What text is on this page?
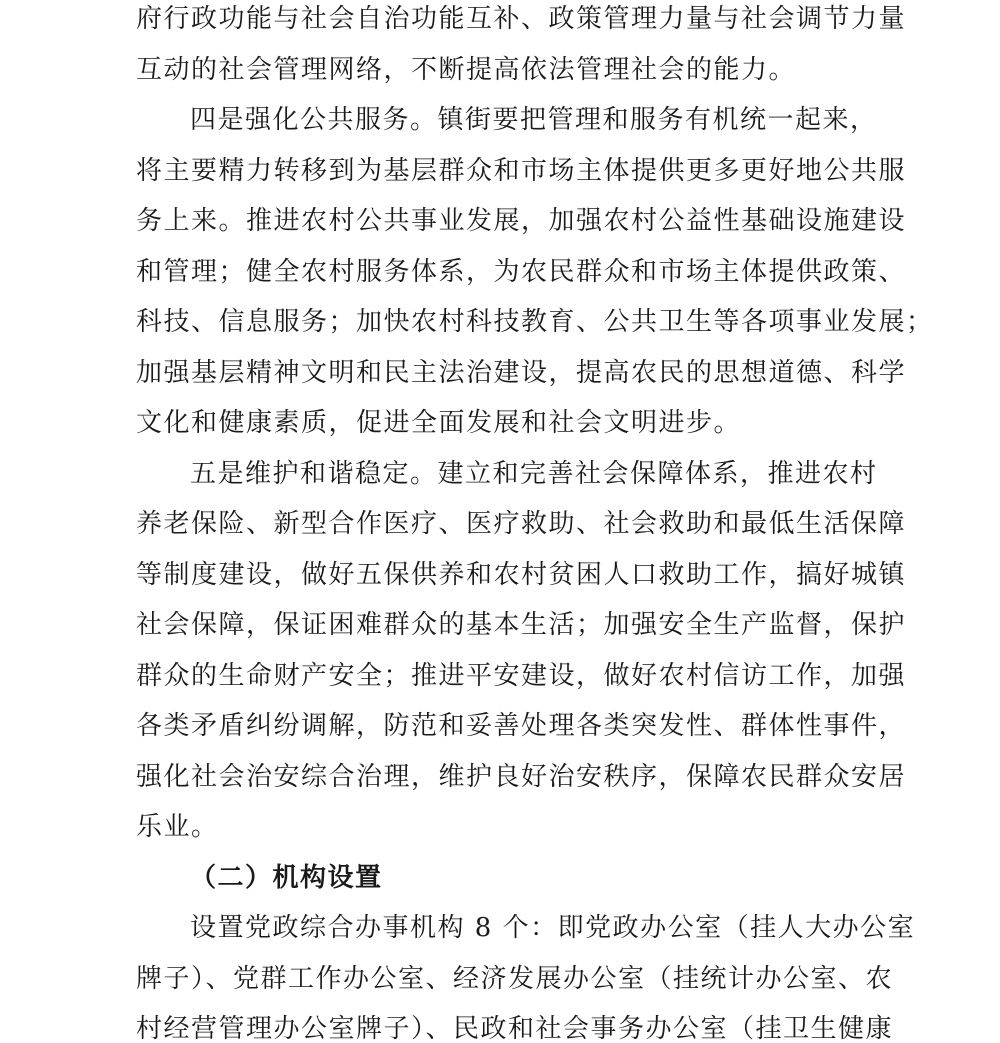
府行政功能与社会自治功能互补、政策管理力量与社会调节力量
互动的社会管理网络，不断提高依法管理社会的能力。
四是强化公共服务。镇街要把管理和服务有机统一起来，
将主要精力转移到为基层群众和市场主体提供更多更好地公共服
务上来。推进农村公共事业发展，加强农村公益性基础设施建设
和管理；健全农村服务体系，为农民群众和市场主体提供政策、
科技、信息服务；加快农村科技教育、公共卫生等各项事业发展；
加强基层精神文明和民主法治建设，提高农民的思想道德、科学
文化和健康素质，促进全面发展和社会文明进步。
五是维护和谐稳定。建立和完善社会保障体系，推进农村
养老保险、新型合作医疗、医疗救助、社会救助和最低生活保障
等制度建设，做好五保供养和农村贫困人口救助工作，搞好城镇
社会保障，保证困难群众的基本生活；加强安全生产监督，保护
群众的生命财产安全；推进平安建设，做好农村信访工作，加强
各类矛盾纠纷调解，防范和妥善处理各类突发性、群体性事件，
强化社会治安综合治理，维护良好治安秩序，保障农民群众安居
乐业。
（二）机构设置
设置党政综合办事机构 8 个：即党政办公室（挂人大办公室
牌子）、党群工作办公室、经济发展办公室（挂统计办公室、农
村经营管理办公室牌子）、民政和社会事务办公室（挂卫生健康
